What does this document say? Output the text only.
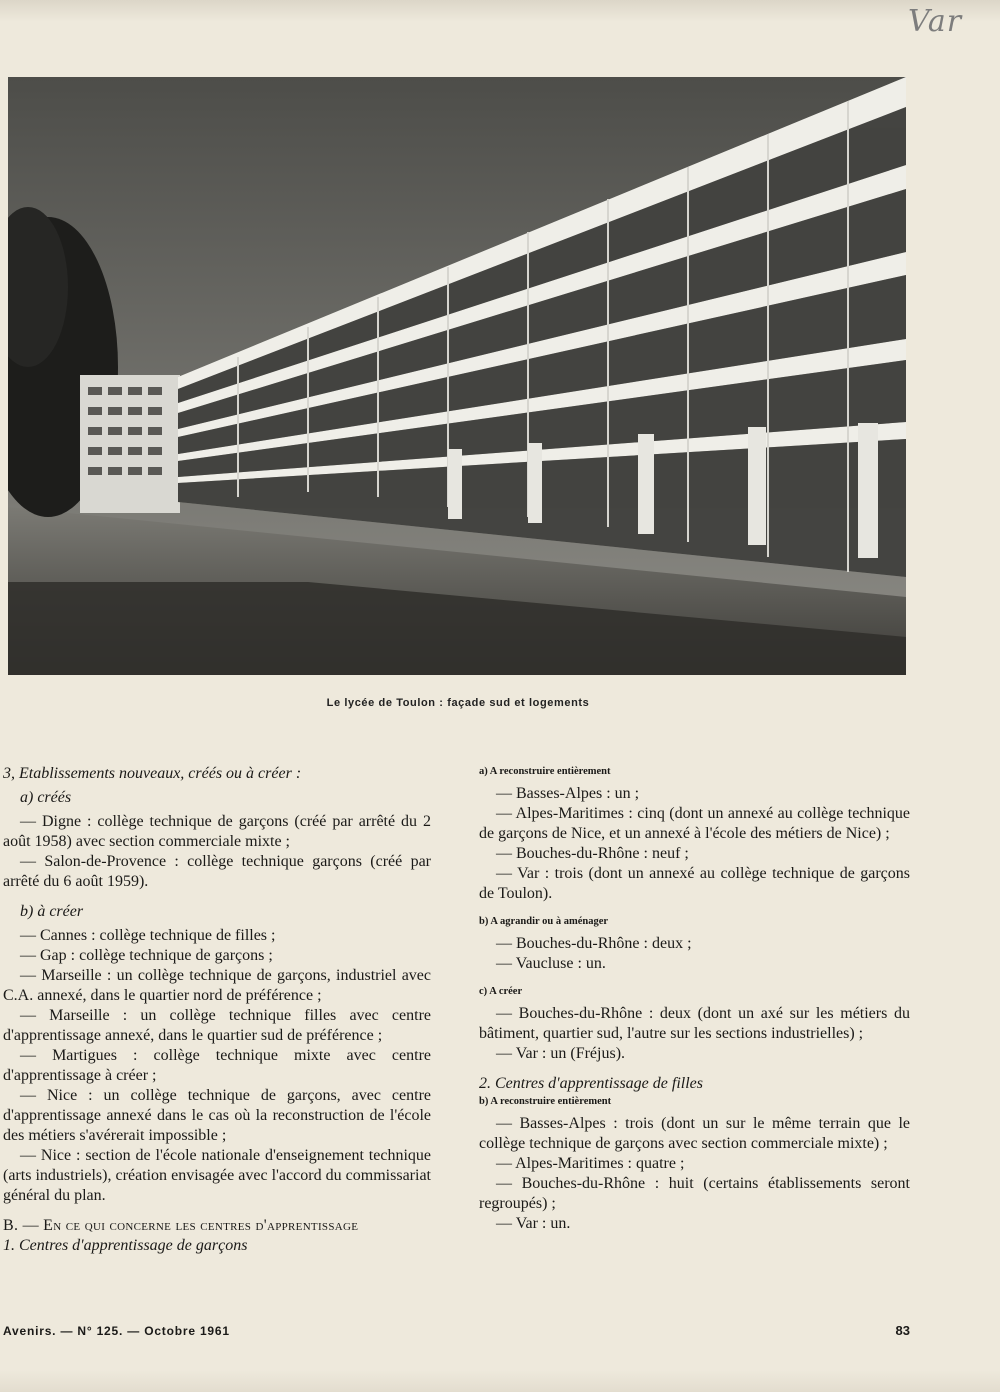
Var
Le lycée de Toulon : façade sud et logements

3, Etablissements nouveaux, créés ou à créer :

a) créés

— Digne : collège technique de garçons (créé par arrêté du 2 août 1958) avec section commerciale mixte ;

— Salon-de-Provence : collège technique garçons (créé par arrêté du 6 août 1959).

b) à créer

— Cannes : collège technique de filles ;

— Gap : collège technique de garçons ;

— Marseille : un collège technique de garçons, industriel avec C.A. annexé, dans le quartier nord de préférence ;

— Marseille : un collège technique filles avec centre d'apprentissage annexé, dans le quartier sud de préférence ;

— Martigues : collège technique mixte avec centre d'apprentissage à créer ;

— Nice : un collège technique de garçons, avec centre d'apprentissage annexé dans le cas où la reconstruction de l'école des métiers s'avérerait impossible ;

— Nice : section de l'école nationale d'enseignement technique (arts industriels), création envisagée avec l'accord du commissariat général du plan.

B. — En ce qui concerne les centres d'apprentissage

1. Centres d'apprentissage de garçons

a) A reconstruire entièrement

— Basses-Alpes : un ;

— Alpes-Maritimes : cinq (dont un annexé au collège technique de garçons de Nice, et un annexé à l'école des métiers de Nice) ;

— Bouches-du-Rhône : neuf ;

— Var : trois (dont un annexé au collège technique de garçons de Toulon).

b) A agrandir ou à aménager

— Bouches-du-Rhône : deux ;

— Vaucluse : un.

c) A créer

— Bouches-du-Rhône : deux (dont un axé sur les métiers du bâtiment, quartier sud, l'autre sur les sections industrielles) ;

— Var : un (Fréjus).

2. Centres d'apprentissage de filles

b) A reconstruire entièrement

— Basses-Alpes : trois (dont un sur le même terrain que le collège technique de garçons avec section commerciale mixte) ;

— Alpes-Maritimes : quatre ;

— Bouches-du-Rhône : huit (certains établissements seront regroupés) ;

— Var : un.

Avenirs. — N° 125. — Octobre 1961	83
